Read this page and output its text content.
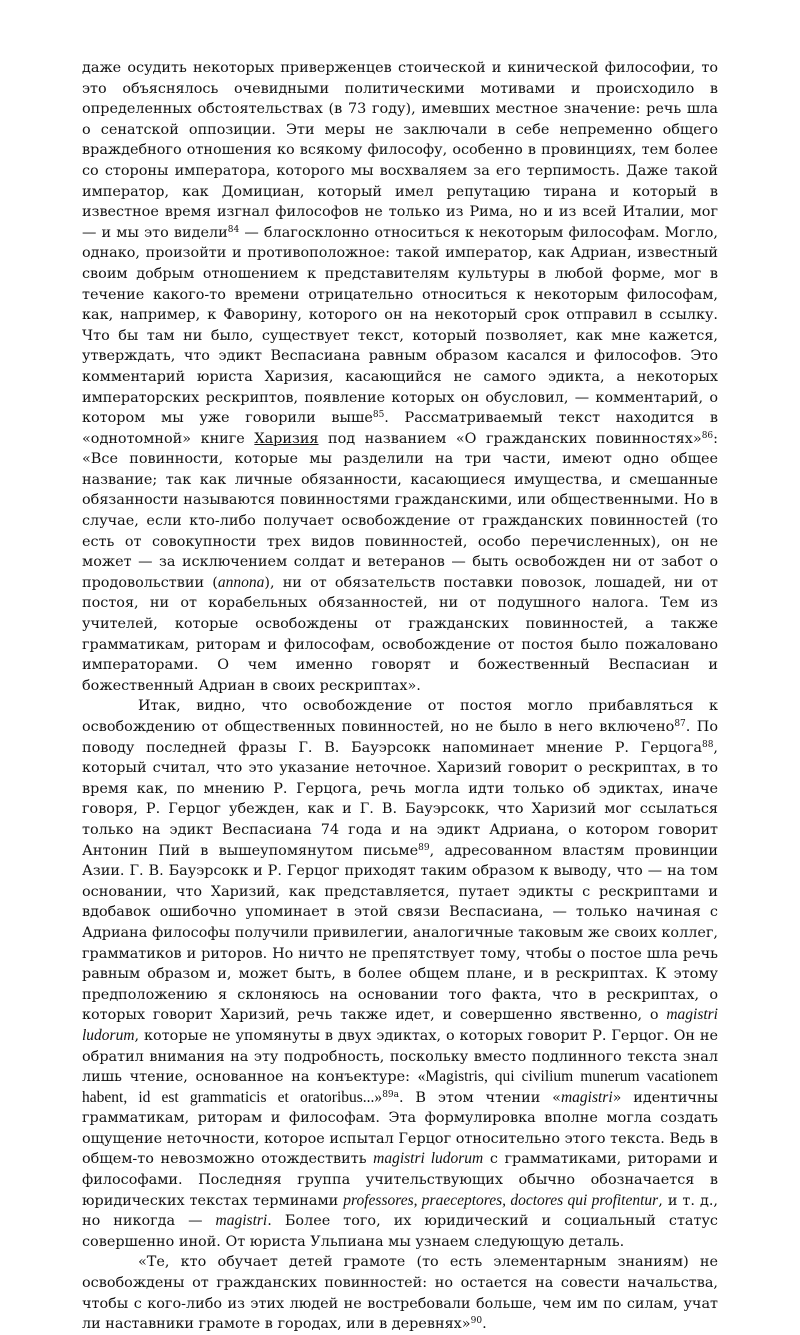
даже осудить некоторых приверженцев стоической и кинической философии, то это объяснялось очевидными политическими мотивами и происходило в определенных обстоятельствах (в 73 году), имевших местное значение: речь шла о сенатской оппозиции. Эти меры не заключали в себе непременно общего враждебного отношения ко всякому философу, особенно в провинциях, тем более со стороны императора, которого мы восхваляем за его терпимость. Даже такой император, как Домициан, который имел репутацию тирана и который в известное время изгнал философов не только из Рима, но и из всей Италии, мог — и мы это видели$^{84}$ — благосклонно относиться к некоторым философам. Могло, однако, произойти и противоположное: такой император, как Адриан, известный своим добрым отношением к представителям культуры в любой форме, мог в течение какого-то времени отрицательно относиться к некоторым философам, как, например, к Фаворину, которого он на некоторый срок отправил в ссылку. Что бы там ни было, существует текст, который позволяет, как мне кажется, утверждать, что эдикт Веспасиана равным образом касался и философов. Это комментарий юриста Харизия, касающийся не самого эдикта, а некоторых императорских рескриптов, появление которых он обусловил, — комментарий, о котором мы уже говорили выше$^{85}$. Рассматриваемый текст находится в «однотомной» книге Харизия под названием «О гражданских повинностях»$^{86}$: «Все повинности, которые мы разделили на три части, имеют одно общее название; так как личные обязанности, касающиеся имущества, и смешанные обязанности называются повинностями гражданскими, или общественными. Но в случае, если кто-либо получает освобождение от гражданских повинностей (то есть от совокупности трех видов повинностей, особо перечисленных), он не может — за исключением солдат и ветеранов — быть освобожден ни от забот о продовольствии (annona), ни от обязательств поставки повозок, лошадей, ни от постоя, ни от корабельных обязанностей, ни от подушного налога. Тем из учителей, которые освобождены от гражданских повинностей, а также грамматикам, риторам и философам, освобождение от постоя было пожаловано императорами. О чем именно говорят и божественный Веспасиан и божественный Адриан в своих рескриптах».

Итак, видно, что освобождение от постоя могло прибавляться к освобождению от общественных повинностей, но не было в него включено$^{87}$. По поводу последней фразы Г. В. Бауэрсокк напоминает мнение Р. Герцога$^{88}$, который считал, что это указание неточное. Харизий говорит о рескриптах, в то время как, по мнению Р. Герцога, речь могла идти только об эдиктах, иначе говоря, Р. Герцог убежден, как и Г. В. Бауэрсокк, что Харизий мог ссылаться только на эдикт Веспасиана 74 года и на эдикт Адриана, о котором говорит Антонин Пий в вышеупомянутом письме$^{89}$, адресованном властям провинции Азии. Г. В. Бауэрсокк и Р. Герцог приходят таким образом к выводу, что — на том основании, что Харизий, как представляется, путает эдикты с рескриптами и вдобавок ошибочно упоминает в этой связи Веспасиана, — только начиная с Адриана философы получили привилегии, аналогичные таковым же своих коллег, грамматиков и риторов. Но ничто не препятствует тому, чтобы о постое шла речь равным образом и, может быть, в более общем плане, и в рескриптах. К этому предположению я склоняюсь на основании того факта, что в рескриптах, о которых говорит Харизий, речь также идет, и совершенно явственно, о magistri ludorum, которые не упомянуты в двух эдиктах, о которых говорит Р. Герцог. Он не обратил внимания на эту подробность, поскольку вместо подлинного текста знал лишь чтение, основанное на конъектуре: «Magistris, qui civilium munerum vacationem habent, id est grammaticis et oratoribus...»$^{89a}$. В этом чтении «magistri» идентичны грамматикам, риторам и философам. Эта формулировка вполне могла создать ощущение неточности, которое испытал Герцог относительно этого текста. Ведь в общем-то невозможно отождествить magistri ludorum с грамматиками, риторами и философами. Последняя группа учительствующих обычно обозначается в юридических текстах терминами professores, praeceptores, doctores qui profitentur, и т. д., но никогда — magistri. Более того, их юридический и социальный статус совершенно иной. От юриста Ульпиана мы узнаем следующую деталь.

«Те, кто обучает детей грамоте (то есть элементарным знаниям) не освобождены от гражданских повинностей: но остается на совести начальства, чтобы с кого-либо из этих людей не востребовали больше, чем им по силам, учат ли наставники грамоте в городах, или в деревнях»$^{90}$.
